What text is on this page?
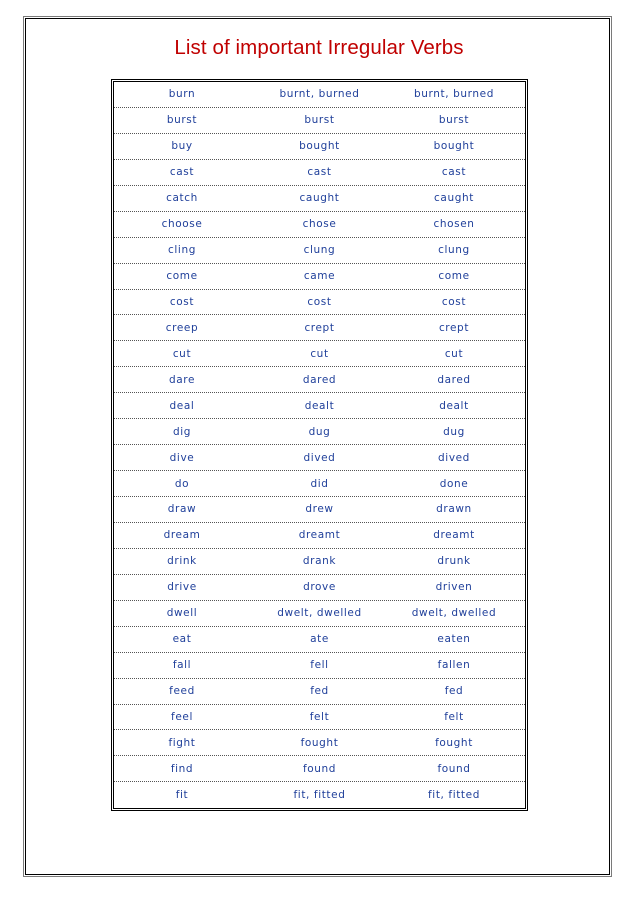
List of important Irregular Verbs
burn	burnt, burned	burnt, burned
burst	burst	burst
buy	bought	bought
cast	cast	cast
catch	caught	caught
choose	chose	chosen
cling	clung	clung
come	came	come
cost	cost	cost
creep	crept	crept
cut	cut	cut
dare	dared	dared
deal	dealt	dealt
dig	dug	dug
dive	dived	dived
do	did	done
draw	drew	drawn
dream	dreamt	dreamt
drink	drank	drunk
drive	drove	driven
dwell	dwelt, dwelled	dwelt, dwelled
eat	ate	eaten
fall	fell	fallen
feed	fed	fed
feel	felt	felt
fight	fought	fought
find	found	found
fit	fit, fitted	fit, fitted
